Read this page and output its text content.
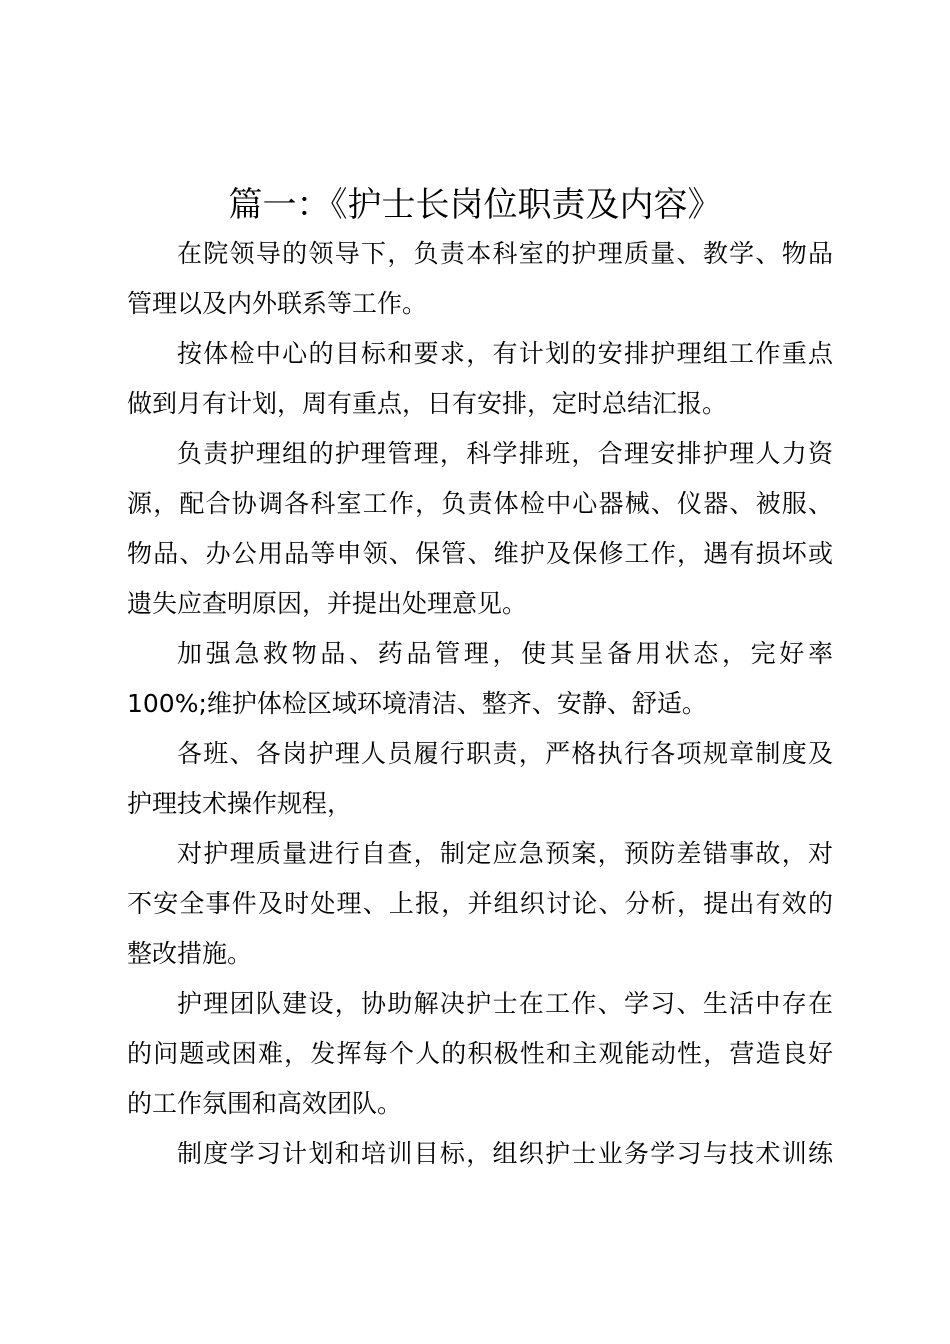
篇一：《护士长岗位职责及内容》
在院领导的领导下，负责本科室的护理质量、教学、物品
管理以及内外联系等工作。
按体检中心的目标和要求，有计划的安排护理组工作重点
做到月有计划，周有重点，日有安排，定时总结汇报。
负责护理组的护理管理，科学排班，合理安排护理人力资
源，配合协调各科室工作，负责体检中心器械、仪器、被服、
物品、办公用品等申领、保管、维护及保修工作，遇有损坏或
遗失应查明原因，并提出处理意见。
加强急救物品、药品管理，使其呈备用状态，完好率
100%;维护体检区域环境清洁、整齐、安静、舒适。
各班、各岗护理人员履行职责，严格执行各项规章制度及
护理技术操作规程，
对护理质量进行自查，制定应急预案，预防差错事故，对
不安全事件及时处理、上报，并组织讨论、分析，提出有效的
整改措施。
护理团队建设，协助解决护士在工作、学习、生活中存在
的问题或困难，发挥每个人的积极性和主观能动性，营造良好
的工作氛围和高效团队。
制度学习计划和培训目标，组织护士业务学习与技术训练
